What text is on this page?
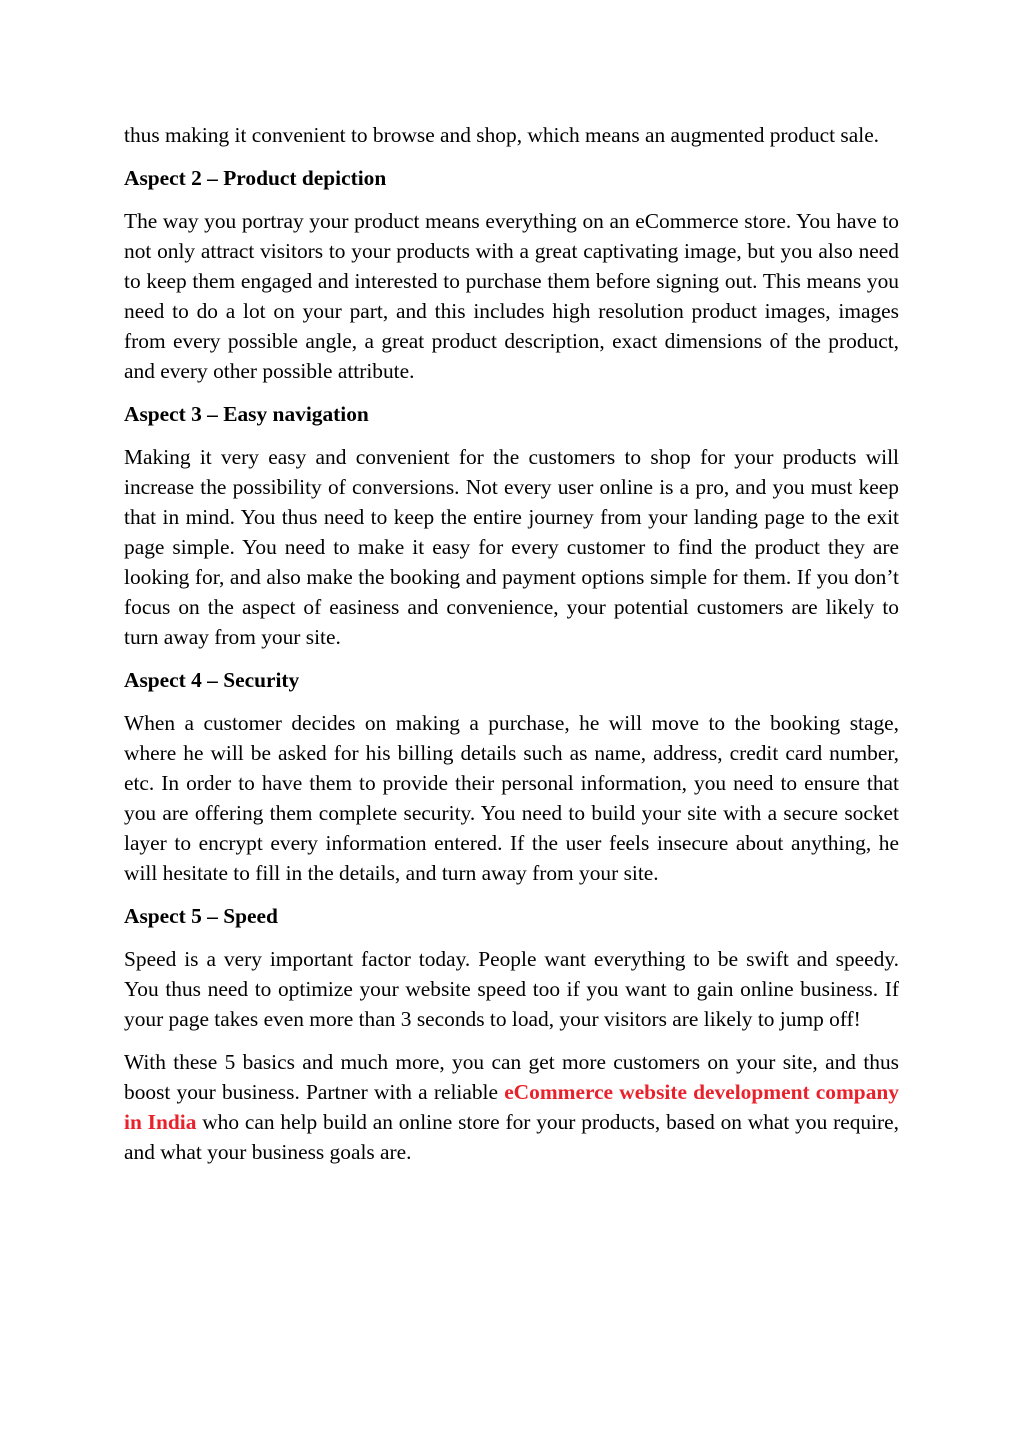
thus making it convenient to browse and shop, which means an augmented product sale.

Aspect 2 – Product depiction

The way you portray your product means everything on an eCommerce store. You have to not only attract visitors to your products with a great captivating image, but you also need to keep them engaged and interested to purchase them before signing out. This means you need to do a lot on your part, and this includes high resolution product images, images from every possible angle, a great product description, exact dimensions of the product, and every other possible attribute.

Aspect 3 – Easy navigation

Making it very easy and convenient for the customers to shop for your products will increase the possibility of conversions. Not every user online is a pro, and you must keep that in mind. You thus need to keep the entire journey from your landing page to the exit page simple. You need to make it easy for every customer to find the product they are looking for, and also make the booking and payment options simple for them. If you don’t focus on the aspect of easiness and convenience, your potential customers are likely to turn away from your site.

Aspect 4 – Security

When a customer decides on making a purchase, he will move to the booking stage, where he will be asked for his billing details such as name, address, credit card number, etc. In order to have them to provide their personal information, you need to ensure that you are offering them complete security. You need to build your site with a secure socket layer to encrypt every information entered. If the user feels insecure about anything, he will hesitate to fill in the details, and turn away from your site.

Aspect 5 – Speed

Speed is a very important factor today. People want everything to be swift and speedy. You thus need to optimize your website speed too if you want to gain online business. If your page takes even more than 3 seconds to load, your visitors are likely to jump off!

With these 5 basics and much more, you can get more customers on your site, and thus boost your business. Partner with a reliable eCommerce website development company in India who can help build an online store for your products, based on what you require, and what your business goals are.
